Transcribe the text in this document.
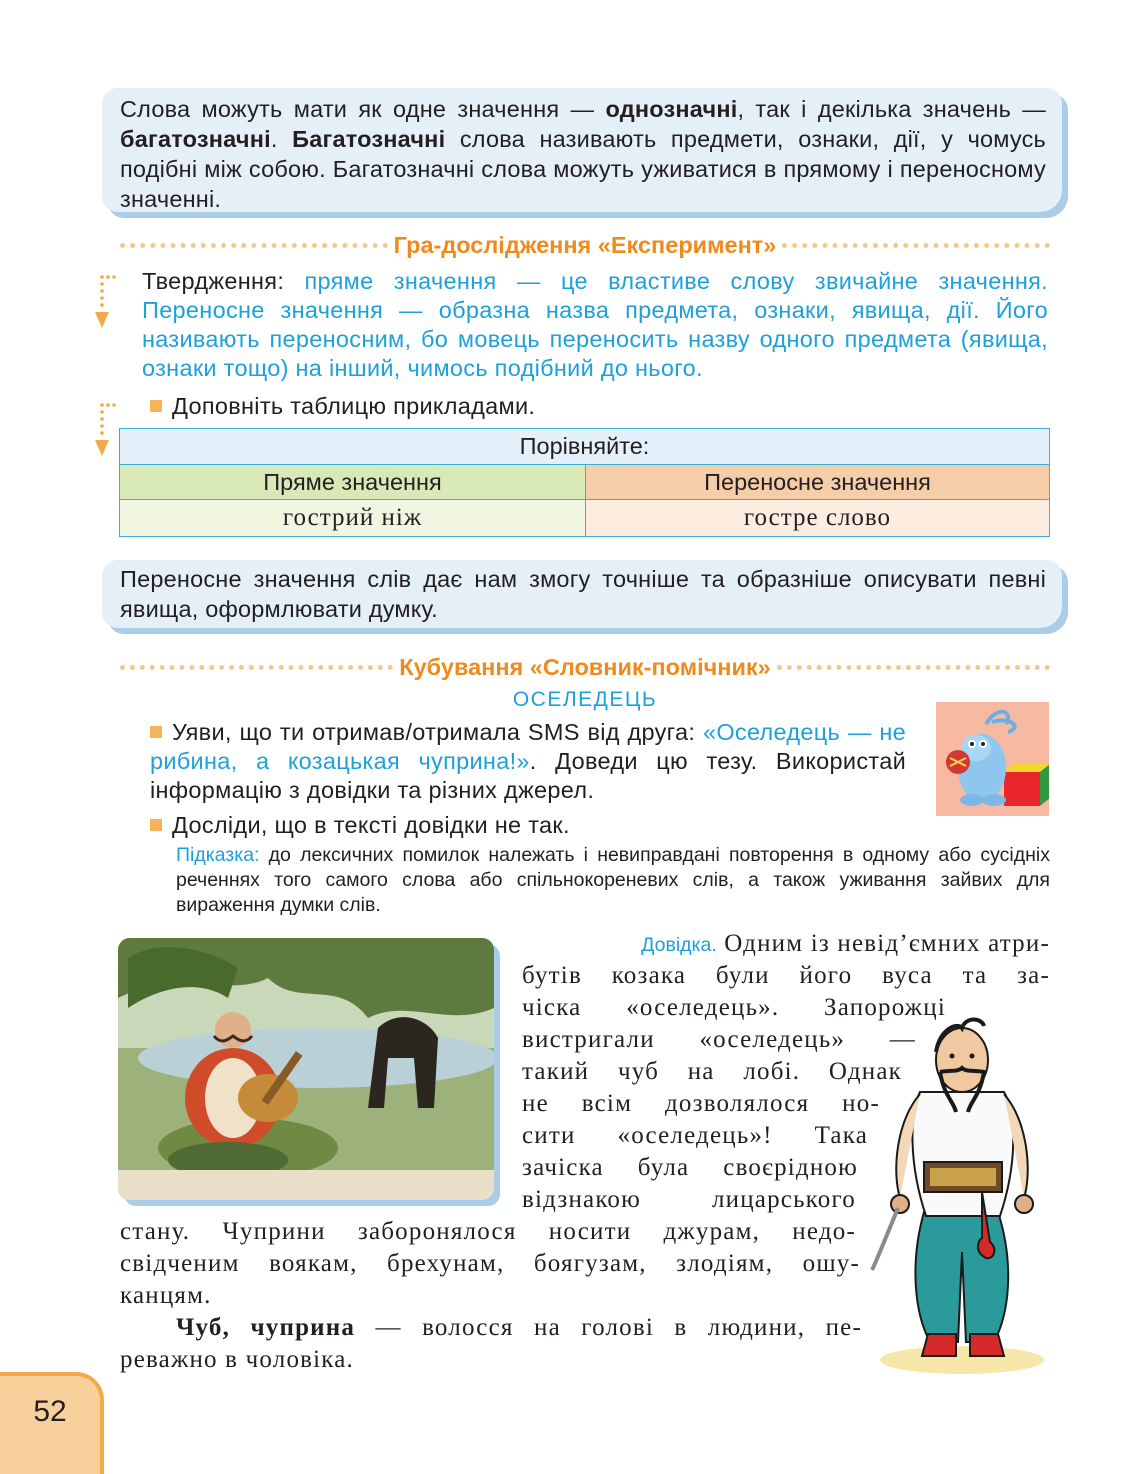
Слова можуть мати як одне значення — однозначні, так і декілька значень — багатозначні. Багатозначні слова називають предмети, ознаки, дії, у чомусь подібні між собою. Багатозначні слова можуть уживатися в прямому і переносному значенні.

Гра-дослідження «Експеримент»
Твердження: пряме значення — це властиве слову звичайне значення. Переносне значення — образна назва предмета, ознаки, явища, дії. Його називають переносним, бо мовець переносить назву одного предмета (явища, ознаки тощо) на інший, чимось подібний до нього.
Доповніть таблицю прикладами.
Порівняйте:	
Пряме значення	Переносне значення
гострий ніж	гостре слово

Переносне значення слів дає нам змогу точніше та образніше описувати певні явища, оформлювати думку.

Кубування «Словник-помічник»
ОСЕЛЕДЕЦЬ
Уяви, що ти отримав/отримала SMS від друга: «Оселедець — не рибина, а козацькая чуприна!». Доведи цю тезу. Використай інформацію з довідки та різних джерел.
Досліди, що в тексті довідки не так.
Підказка: до лексичних помилок належать і невиправдані повторення в одному або сусідніх реченнях того самого слова або спільнокореневих слів, а також уживання зайвих для вираження думки слів.
Довідка. Одним із невід’ємних атри-
бутів козака були його вуса та за-
чіска «оселедець». Запорожці
вистригали «оселедець» —
такий чуб на лобі. Однак
не всім дозволялося но-
сити «оселедець»! Така
зачіска була своєрідною
відзнакою лицарського
стану. Чуприни заборонялося носити джурам, недо-
свідченим воякам, брехунам, боягузам, злодіям, ошу-
канцям.
Чуб, чуприна — волосся на голові в людини, пе-
реважно в чоловіка.
52
